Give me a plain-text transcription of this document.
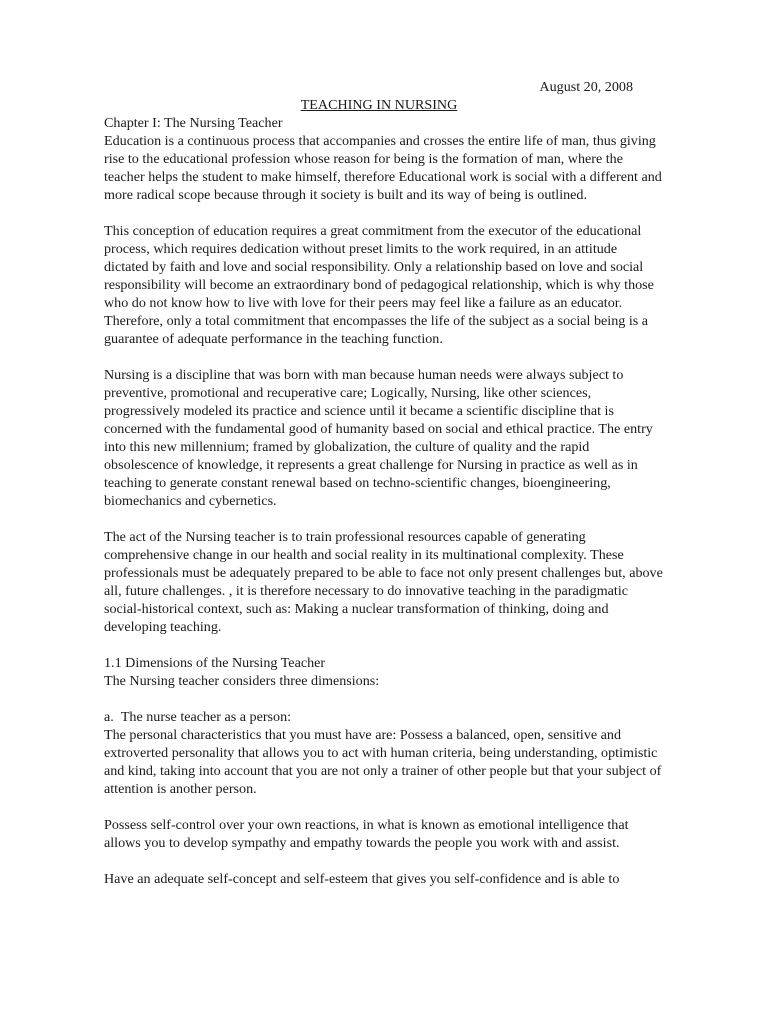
August 20, 2008

TEACHING IN NURSING

Chapter I: The Nursing Teacher

Education is a continuous process that accompanies and crosses the entire life of man, thus giving rise to the educational profession whose reason for being is the formation of man, where the teacher helps the student to make himself, therefore Educational work is social with a different and more radical scope because through it society is built and its way of being is outlined.

This conception of education requires a great commitment from the executor of the educational process, which requires dedication without preset limits to the work required, in an attitude dictated by faith and love and social responsibility. Only a relationship based on love and social responsibility will become an extraordinary bond of pedagogical relationship, which is why those who do not know how to live with love for their peers may feel like a failure as an educator. Therefore, only a total commitment that encompasses the life of the subject as a social being is a guarantee of adequate performance in the teaching function.

Nursing is a discipline that was born with man because human needs were always subject to preventive, promotional and recuperative care; Logically, Nursing, like other sciences, progressively modeled its practice and science until it became a scientific discipline that is concerned with the fundamental good of humanity based on social and ethical practice. The entry into this new millennium; framed by globalization, the culture of quality and the rapid obsolescence of knowledge, it represents a great challenge for Nursing in practice as well as in teaching to generate constant renewal based on techno-scientific changes, bioengineering, biomechanics and cybernetics.

The act of the Nursing teacher is to train professional resources capable of generating comprehensive change in our health and social reality in its multinational complexity. These professionals must be adequately prepared to be able to face not only present challenges but, above all, future challenges. , it is therefore necessary to do innovative teaching in the paradigmatic social-historical context, such as: Making a nuclear transformation of thinking, doing and developing teaching.

1.1 Dimensions of the Nursing Teacher

The Nursing teacher considers three dimensions:

a. The nurse teacher as a person:

The personal characteristics that you must have are: Possess a balanced, open, sensitive and extroverted personality that allows you to act with human criteria, being understanding, optimistic and kind, taking into account that you are not only a trainer of other people but that your subject of attention is another person.

Possess self-control over your own reactions, in what is known as emotional intelligence that allows you to develop sympathy and empathy towards the people you work with and assist.

Have an adequate self-concept and self-esteem that gives you self-confidence and is able to
